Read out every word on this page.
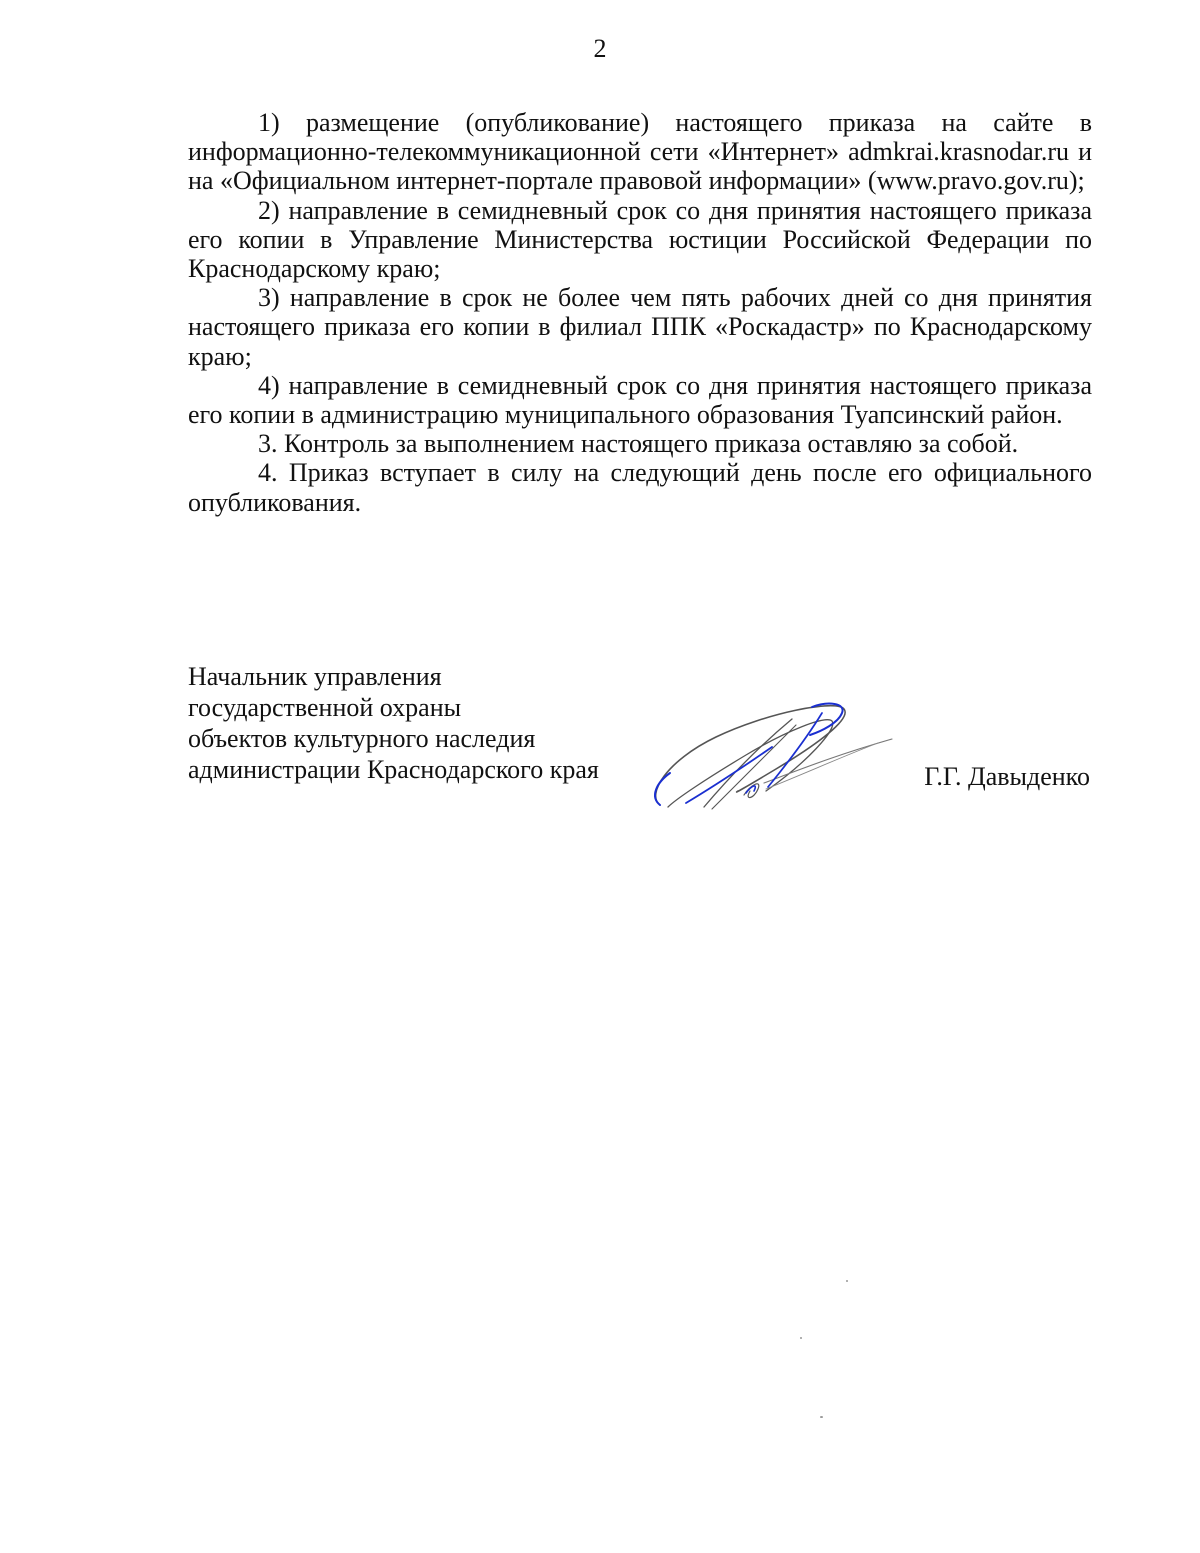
2

1) размещение (опубликование) настоящего приказа на сайте в информационно-телекоммуникационной сети «Интернет» admkrai.krasnodar.ru и на «Официальном интернет-портале правовой информации» (www.pravo.gov.ru);

2) направление в семидневный срок со дня принятия настоящего приказа его копии в Управление Министерства юстиции Российской Федерации по Краснодарскому краю;

3) направление в срок не более чем пять рабочих дней со дня принятия настоящего приказа его копии в филиал ППК «Роскадастр» по Краснодарскому краю;

4) направление в семидневный срок со дня принятия настоящего приказа его копии в администрацию муниципального образования Туапсинский район.

3. Контроль за выполнением настоящего приказа оставляю за собой.

4. Приказ вступает в силу на следующий день после его официального опубликования.

Начальник управления
государственной охраны
объектов культурного наследия
администрации Краснодарского края	Г.Г. Давыденко
